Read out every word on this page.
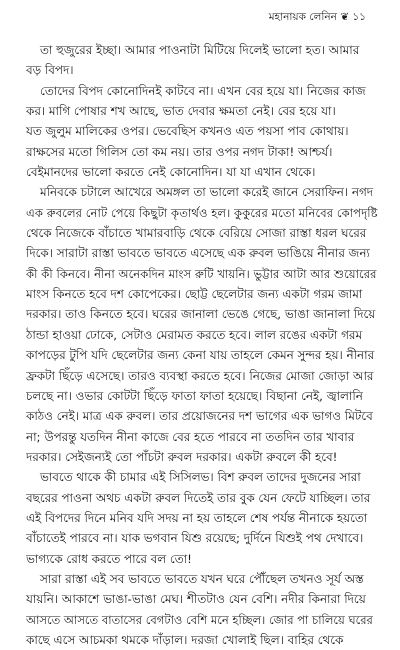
মহানায়ক লেনিন ❦ ১১
তা হুজুরের ইচ্ছা। আমার পাওনাটা মিটিয়ে দিলেই ভালো হত। আমার
বড় বিপদ।
তোদের বিপদ কোনোদিনই কাটবে না। এখন বের হয়ে যা। নিজের কাজ
কর। মাগি পোষার শখ আছে, ভাত দেবার ক্ষমতা নেই। বের হয়ে যা।
যত জুলুম মালিকের ওপর। ভেবেছিস কখনও এত পয়সা পাব কোথায়।
রাক্ষসের মতো গিলিস তো কম নয়। তার ওপর নগদ টাকা! আশ্চর্য।
বেইমানদের ভালো করতে নেই কোনোদিন। যা যা এখান থেকে।
মনিবকে চটালে আখেরে অমঙ্গল তা ভালো করেই জানে সেরাফিন। নগদ
এক রুবলের নোট পেয়ে কিছুটা কৃতার্থও হল। কুকুরের মতো মনিবের কোপদৃষ্টি
থেকে নিজেকে বাঁচাতে খামারবাড়ি থেকে বেরিয়ে সোজা রাস্তা ধরল ঘরের
দিকে। সারাটা রাস্তা ভাবতে ভাবতে এসেছে এক রুবল ভাঙিয়ে নীনার জন্য
কী কী কিনবে। নীনা অনেকদিন মাংস রুটি খায়নি। ভুট্টার আটা আর শুয়োরের
মাংস কিনতে হবে দশ কোপেকের। ছোট্ট ছেলেটার জন্য একটা গরম জামা
দরকার। তাও কিনতে হবে। ঘরের জানালা ভেঙে গেছে, ভাঙা জানালা দিয়ে
ঠান্ডা হাওয়া ঢোকে, সেটাও মেরামত করতে হবে। লাল রঙের একটা গরম
কাপড়ের টুপি যদি ছেলেটার জন্য কেনা যায় তাহলে কেমন সুন্দর হয়। নীনার
ফ্রকটা ছিঁড়ে এসেছে। তারও ব্যবস্থা করতে হবে। নিজের মোজা জোড়া আর
চলছে না। ওভার কোটটা ছিঁড়ে ফাতা ফাতা হয়েছে। বিছানা নেই, জ্বালানি
কাঠও নেই। মাত্র এক রুবল। তার প্রয়োজনের দশ ভাগের এক ভাগও মিটবে
না; উপরন্তু যতদিন নীনা কাজে বের হতে পারবে না ততদিন তার খাবার
দরকার। সেইজন্যই তো পাঁচটা রুবল দরকার। একটা রুবলে কী হবে!
ভাবতে থাকে কী চামার এই সিসিলভ। বিশ রুবল তাদের দুজনের সারা
বছরের পাওনা অথচ একটা রুবল দিতেই তার বুক যেন ফেটে যাচ্ছিল। তার
এই বিপদের দিনে মনিব যদি সদয় না হয় তাহলে শেষ পর্যন্ত নীনাকে হয়তো
বাঁচাতেই পারবে না। যাক ভগবান যিশু রয়েছে; দুর্দিনে যিশুই পথ দেখাবে।
ভাগ্যকে রোধ করতে পারে বল তো!
সারা রাস্তা এই সব ভাবতে ভাবতে যখন ঘরে পৌঁছেল তখনও সূর্য অস্ত
যায়নি। আকাশে ভাঙা-ভাঙা মেঘ। শীতটাও যেন বেশি। নদীর কিনারা দিয়ে
আসতে আসতে বাতাসের বেগটাও বেশি মনে হচ্ছিল। জোর পা চালিয়ে ঘরের
কাছে এসে আচমকা থমকে দাঁড়াল। দরজা খোলাই ছিল। বাহির থেকে
